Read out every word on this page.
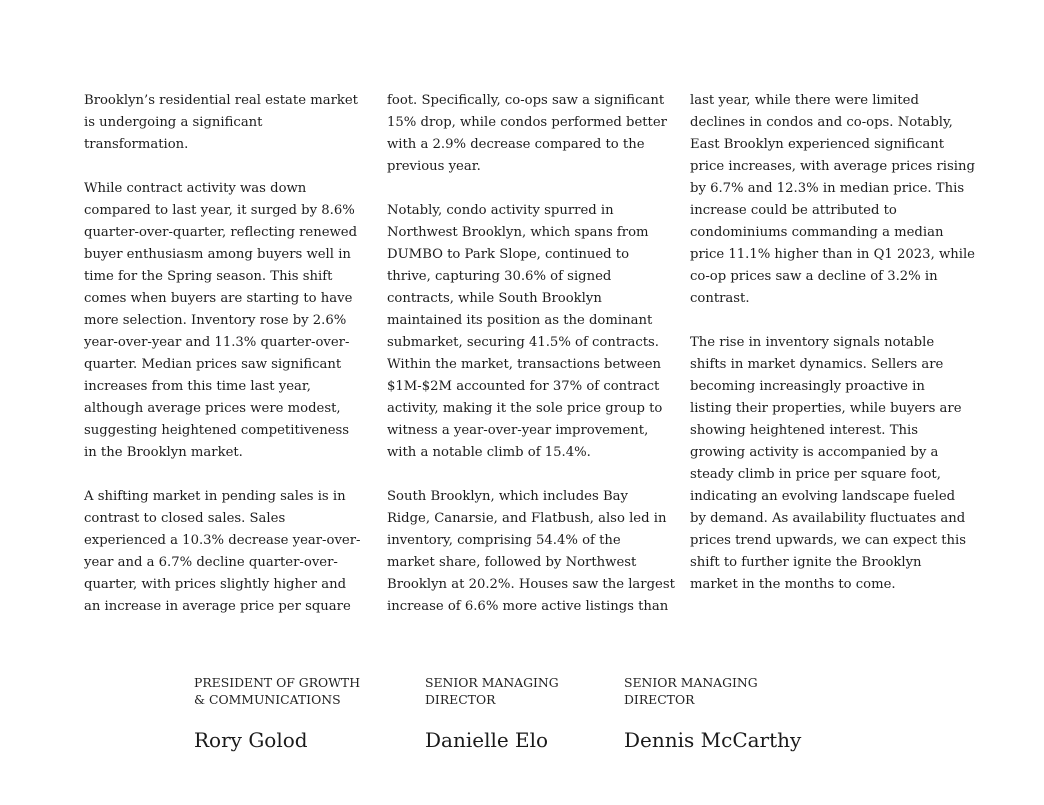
Brooklyn’s residential real estate market
is undergoing a significant
transformation.
While contract activity was down
compared to last year, it surged by 8.6%
quarter-over-quarter, reflecting renewed
buyer enthusiasm among buyers well in
time for the Spring season. This shift
comes when buyers are starting to have
more selection. Inventory rose by 2.6%
year-over-year and 11.3% quarter-over-
quarter. Median prices saw significant
increases from this time last year,
although average prices were modest,
suggesting heightened competitiveness
in the Brooklyn market.
A shifting market in pending sales is in
contrast to closed sales. Sales
experienced a 10.3% decrease year-over-
year and a 6.7% decline quarter-over-
quarter, with prices slightly higher and
an increase in average price per square
foot. Specifically, co-ops saw a significant
15% drop, while condos performed better
with a 2.9% decrease compared to the
previous year.
Notably, condo activity spurred in
Northwest Brooklyn, which spans from
DUMBO to Park Slope, continued to
thrive, capturing 30.6% of signed
contracts, while South Brooklyn
maintained its position as the dominant
submarket, securing 41.5% of contracts.
Within the market, transactions between
$1M-$2M accounted for 37% of contract
activity, making it the sole price group to
witness a year-over-year improvement,
with a notable climb of 15.4%.
South Brooklyn, which includes Bay
Ridge, Canarsie, and Flatbush, also led in
inventory, comprising 54.4% of the
market share, followed by Northwest
Brooklyn at 20.2%. Houses saw the largest
increase of 6.6% more active listings than
last year, while there were limited
declines in condos and co-ops. Notably,
East Brooklyn experienced significant
price increases, with average prices rising
by 6.7% and 12.3% in median price. This
increase could be attributed to
condominiums commanding a median
price 11.1% higher than in Q1 2023, while
co-op prices saw a decline of 3.2% in
contrast.
The rise in inventory signals notable
shifts in market dynamics. Sellers are
becoming increasingly proactive in
listing their properties, while buyers are
showing heightened interest. This
growing activity is accompanied by a
steady climb in price per square foot,
indicating an evolving landscape fueled
by demand. As availability fluctuates and
prices trend upwards, we can expect this
shift to further ignite the Brooklyn
market in the months to come.
PRESIDENT OF GROWTH
& COMMUNICATIONS
Rory Golod
SENIOR MANAGING
DIRECTOR
Danielle Elo
SENIOR MANAGING
DIRECTOR
Dennis McCarthy
